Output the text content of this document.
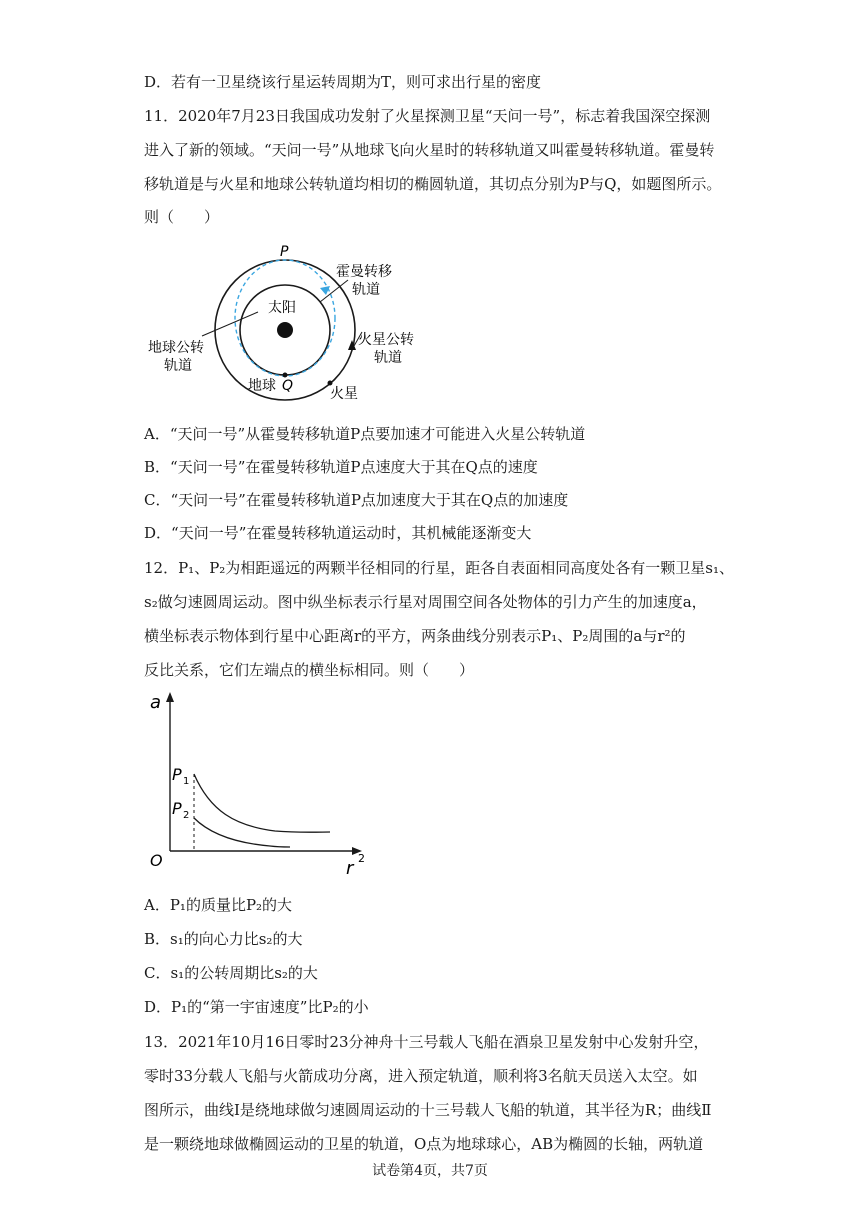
D．若有一卫星绕该行星运转周期为T，则可求出行星的密度
11．2020年7月23日我国成功发射了火星探测卫星“天问一号”，标志着我国深空探测
进入了新的领域。“天问一号”从地球飞向火星时的转移轨道又叫霍曼转移轨道。霍曼转
移轨道是与火星和地球公转轨道均相切的椭圆轨道，其切点分别为P与Q，如题图所示。
则（　　）
P
霍曼转移
轨道
太阳
地球公转
轨道
火星公转
轨道
地球 Q	火星
A．“天问一号”从霍曼转移轨道P点要加速才可能进入火星公转轨道
B．“天问一号”在霍曼转移轨道P点速度大于其在Q点的速度
C．“天问一号”在霍曼转移轨道P点加速度大于其在Q点的加速度
D．“天问一号”在霍曼转移轨道运动时，其机械能逐渐变大
12．P₁、P₂为相距遥远的两颗半径相同的行星，距各自表面相同高度处各有一颗卫星s₁、
s₂做匀速圆周运动。图中纵坐标表示行星对周围空间各处物体的引力产生的加速度a，
横坐标表示物体到行星中心距离r的平方，两条曲线分别表示P₁、P₂周围的a与r²的
反比关系，它们左端点的横坐标相同。则（　　）
a
P 1
P 2
O	r 2
A．P₁的质量比P₂的大
B．s₁的向心力比s₂的大
C．s₁的公转周期比s₂的大
D．P₁的“第一宇宙速度”比P₂的小
13．2021年10月16日零时23分神舟十三号载人飞船在酒泉卫星发射中心发射升空，
零时33分载人飞船与火箭成功分离，进入预定轨道，顺利将3名航天员送入太空。如
图所示，曲线Ⅰ是绕地球做匀速圆周运动的十三号载人飞船的轨道，其半径为R；曲线Ⅱ
是一颗绕地球做椭圆运动的卫星的轨道，O点为地球球心，AB为椭圆的长轴，两轨道
试卷第4页，共7页
